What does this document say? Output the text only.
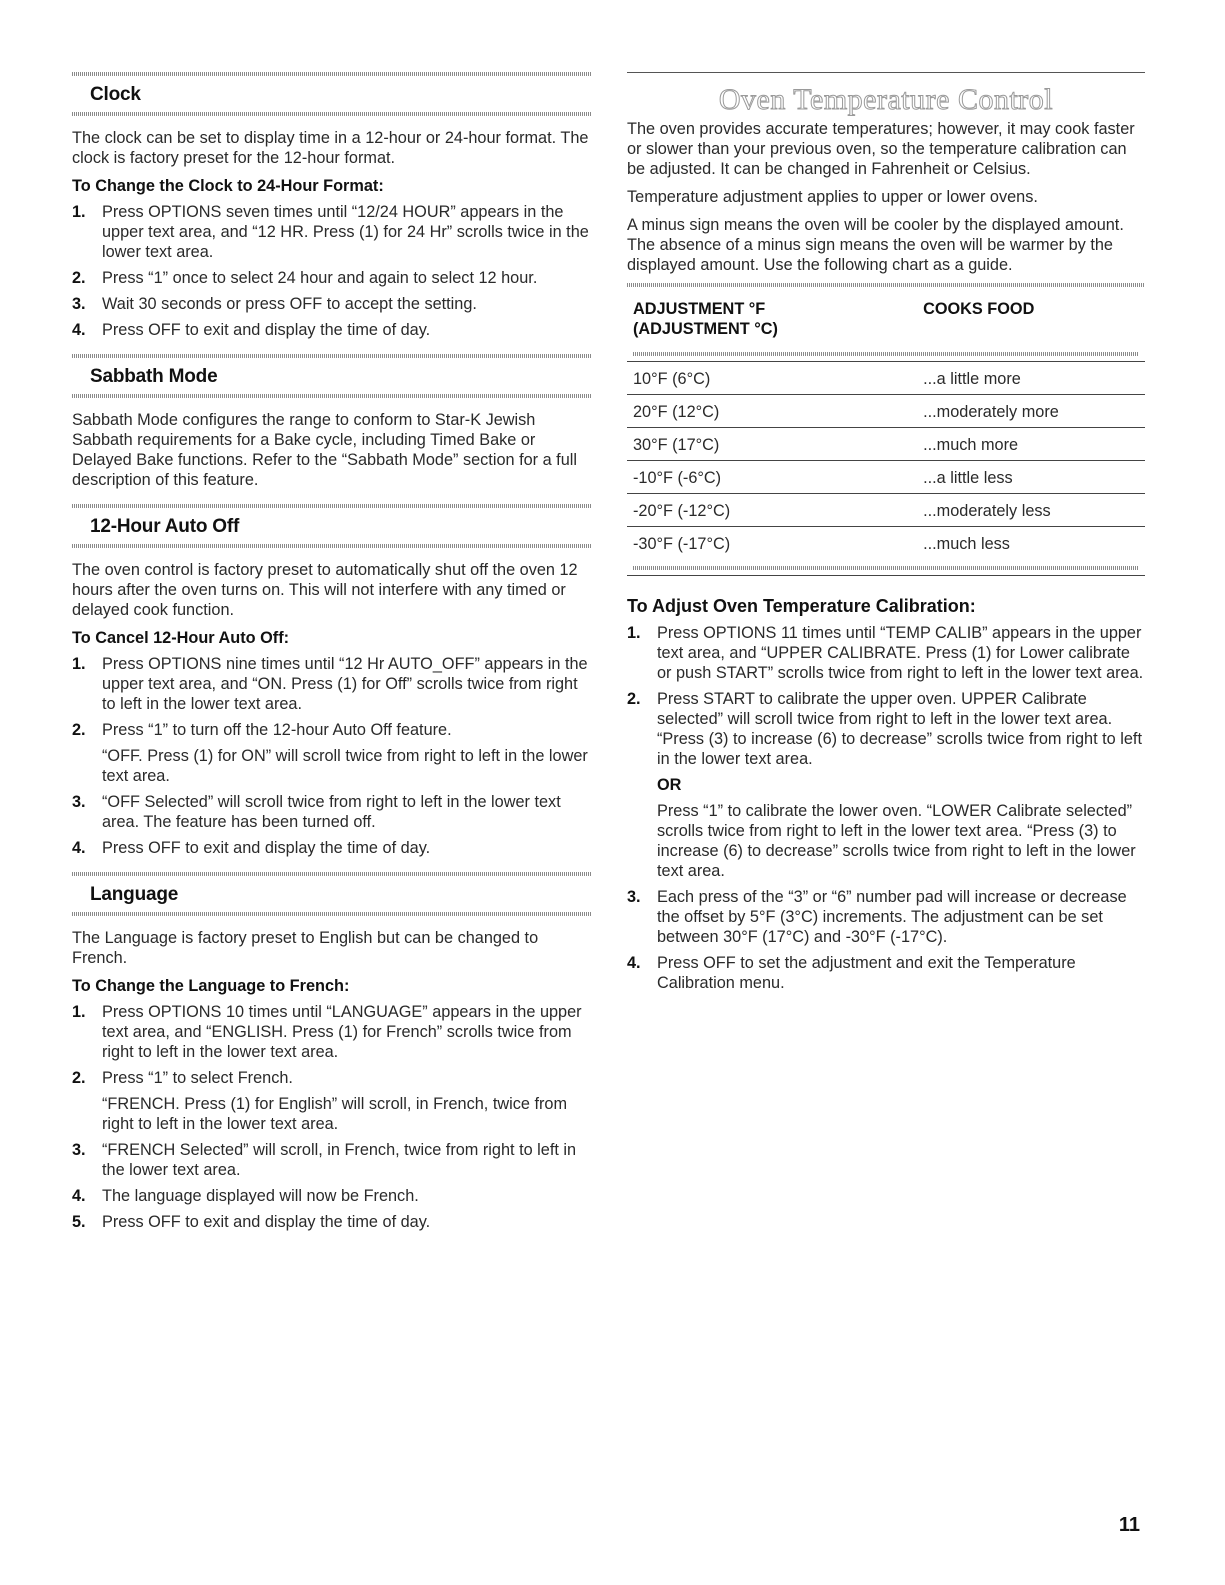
Clock

The clock can be set to display time in a 12-hour or 24-hour format. The clock is factory preset for the 12-hour format.

To Change the Clock to 24-Hour Format:
1. Press OPTIONS seven times until “12/24 HOUR” appears in the upper text area, and “12 HR. Press (1) for 24 Hr” scrolls twice in the lower text area.
2. Press “1” once to select 24 hour and again to select 12 hour.
3. Wait 30 seconds or press OFF to accept the setting.
4. Press OFF to exit and display the time of day.
Sabbath Mode

Sabbath Mode configures the range to conform to Star-K Jewish Sabbath requirements for a Bake cycle, including Timed Bake or Delayed Bake functions. Refer to the “Sabbath Mode” section for a full description of this feature.

12-Hour Auto Off

The oven control is factory preset to automatically shut off the oven 12 hours after the oven turns on. This will not interfere with any timed or delayed cook function.

To Cancel 12-Hour Auto Off:
1. Press OPTIONS nine times until “12 Hr AUTO_OFF” appears in the upper text area, and “ON. Press (1) for Off” scrolls twice from right to left in the lower text area.
2. Press “1” to turn off the 12-hour Auto Off feature.
“OFF. Press (1) for ON” will scroll twice from right to left in the lower text area.
3. “OFF Selected” will scroll twice from right to left in the lower text area. The feature has been turned off.
4. Press OFF to exit and display the time of day.
Language

The Language is factory preset to English but can be changed to French.

To Change the Language to French:
1. Press OPTIONS 10 times until “LANGUAGE” appears in the upper text area, and “ENGLISH. Press (1) for French” scrolls twice from right to left in the lower text area.
2. Press “1” to select French.
“FRENCH. Press (1) for English” will scroll, in French, twice from right to left in the lower text area.
3. “FRENCH Selected” will scroll, in French, twice from right to left in the lower text area.
4. The language displayed will now be French.
5. Press OFF to exit and display the time of day.
Oven Temperature Control

The oven provides accurate temperatures; however, it may cook faster or slower than your previous oven, so the temperature calibration can be adjusted. It can be changed in Fahrenheit or Celsius.

Temperature adjustment applies to upper or lower ovens.

A minus sign means the oven will be cooler by the displayed amount. The absence of a minus sign means the oven will be warmer by the displayed amount. Use the following chart as a guide.

ADJUSTMENT °F
(ADJUSTMENT °C)	COOKS FOOD

10°F (6°C)	...a little more
20°F (12°C)	...moderately more
30°F (17°C)	...much more
-10°F (-6°C)	...a little less
-20°F (-12°C)	...moderately less
-30°F (-17°C)	...much less

To Adjust Oven Temperature Calibration:
1. Press OPTIONS 11 times until “TEMP CALIB” appears in the upper text area, and “UPPER CALIBRATE. Press (1) for Lower calibrate or push START” scrolls twice from right to left in the lower text area.
2. Press START to calibrate the upper oven. UPPER Calibrate selected” will scroll twice from right to left in the lower text area. “Press (3) to increase (6) to decrease” scrolls twice from right to left in the lower text area.
OR
Press “1” to calibrate the lower oven. “LOWER Calibrate selected” scrolls twice from right to left in the lower text area. “Press (3) to increase (6) to decrease” scrolls twice from right to left in the lower text area.
3. Each press of the “3” or “6” number pad will increase or decrease the offset by 5°F (3°C) increments. The adjustment can be set between 30°F (17°C) and -30°F (-17°C).
4. Press OFF to set the adjustment and exit the Temperature Calibration menu.
11
